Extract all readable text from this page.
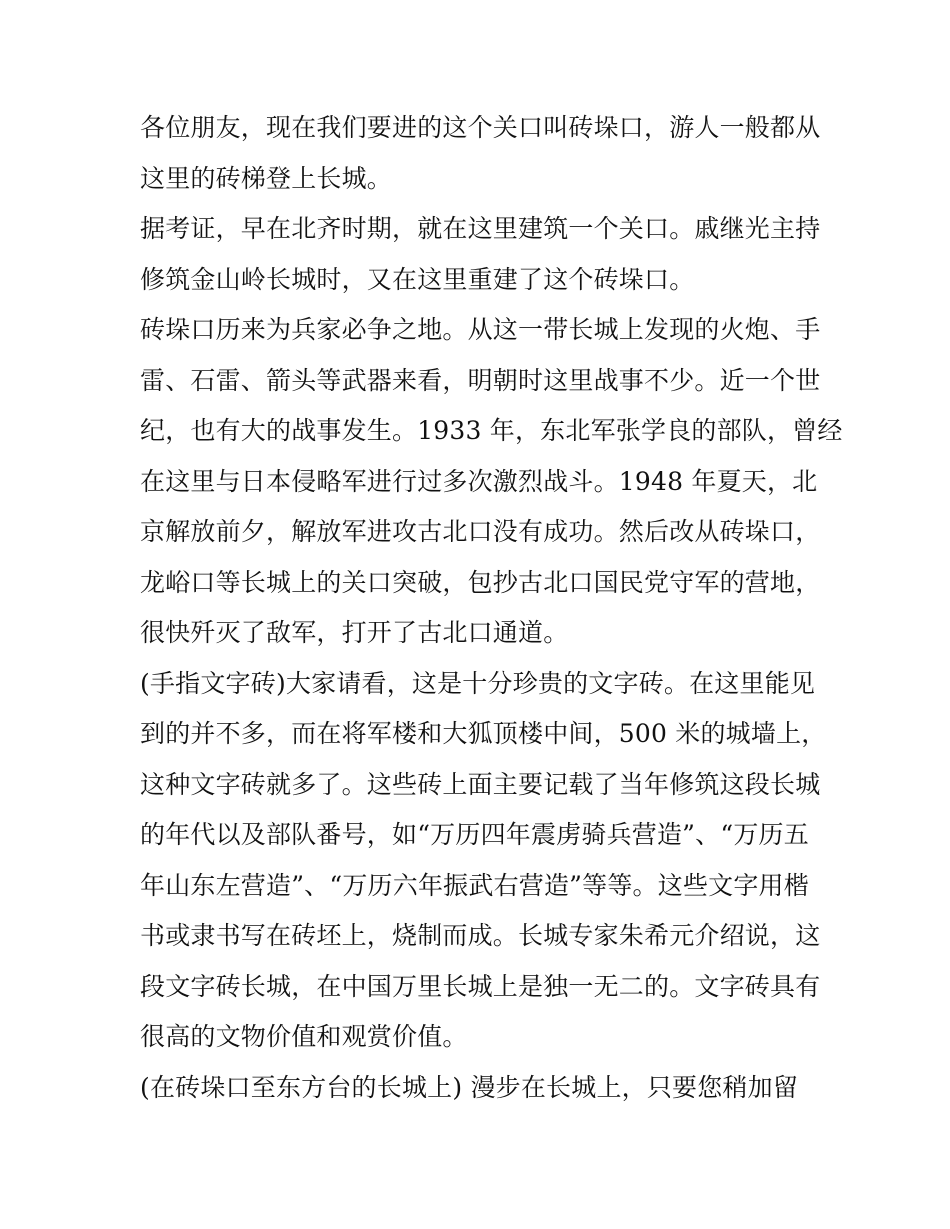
各位朋友，现在我们要进的这个关口叫砖垛口，游人一般都从
这里的砖梯登上长城。
据考证，早在北齐时期，就在这里建筑一个关口。戚继光主持
修筑金山岭长城时，又在这里重建了这个砖垛口。
砖垛口历来为兵家必争之地。从这一带长城上发现的火炮、手
雷、石雷、箭头等武器来看，明朝时这里战事不少。近一个世
纪，也有大的战事发生。1933 年，东北军张学良的部队，曾经
在这里与日本侵略军进行过多次激烈战斗。1948 年夏天，北
京解放前夕，解放军进攻古北口没有成功。然后改从砖垛口，
龙峪口等长城上的关口突破，包抄古北口国民党守军的营地，
很快歼灭了敌军，打开了古北口通道。
(手指文字砖)大家请看，这是十分珍贵的文字砖。在这里能见
到的并不多，而在将军楼和大狐顶楼中间，500 米的城墙上，
这种文字砖就多了。这些砖上面主要记载了当年修筑这段长城
的年代以及部队番号，如“万历四年震虏骑兵营造”、“万历五
年山东左营造”、“万历六年振武右营造”等等。这些文字用楷
书或隶书写在砖坯上，烧制而成。长城专家朱希元介绍说，这
段文字砖长城，在中国万里长城上是独一无二的。文字砖具有
很高的文物价值和观赏价值。
(在砖垛口至东方台的长城上) 漫步在长城上，只要您稍加留
